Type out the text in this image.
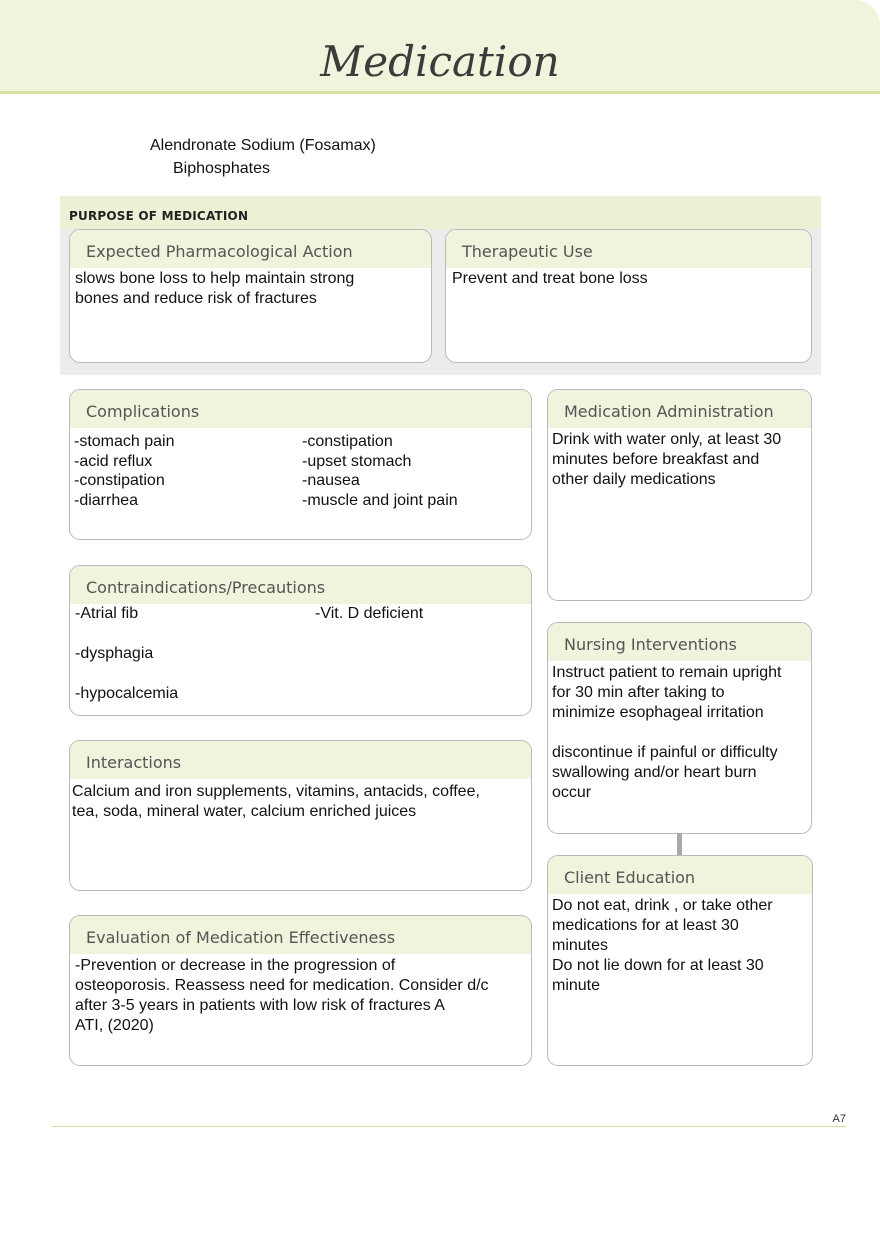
Medication
Alendronate Sodium (Fosamax)
Biphosphates
PURPOSE OF MEDICATION
Expected Pharmacological Action
slows bone loss to help maintain strong
bones and reduce risk of fractures
Therapeutic Use
Prevent and treat bone loss
Complications
-stomach pain	-constipation
-acid reflux	-upset stomach
-constipation	-nausea
-diarrhea	-muscle and joint pain
Medication Administration
Drink with water only, at least 30
minutes before breakfast and
other daily medications
Contraindications/Precautions
-Atrial fib	-Vit. D deficient
-dysphagia
-hypocalcemia
Nursing Interventions
Instruct patient to remain upright
for 30 min after taking to
minimize esophageal irritation
discontinue if painful or difficulty
swallowing and/or heart burn
occur
Interactions
Calcium and iron supplements, vitamins, antacids, coffee,
tea, soda, mineral water, calcium enriched juices
Client Education
Do not eat, drink , or take other
medications for at least 30
minutes
Do not lie down for at least 30
minute
Evaluation of Medication Effectiveness
-Prevention or decrease in the progression of
osteoporosis. Reassess need for medication. Consider d/c
after 3-5 years in patients with low risk of fractures A
ATI, (2020)
A7
